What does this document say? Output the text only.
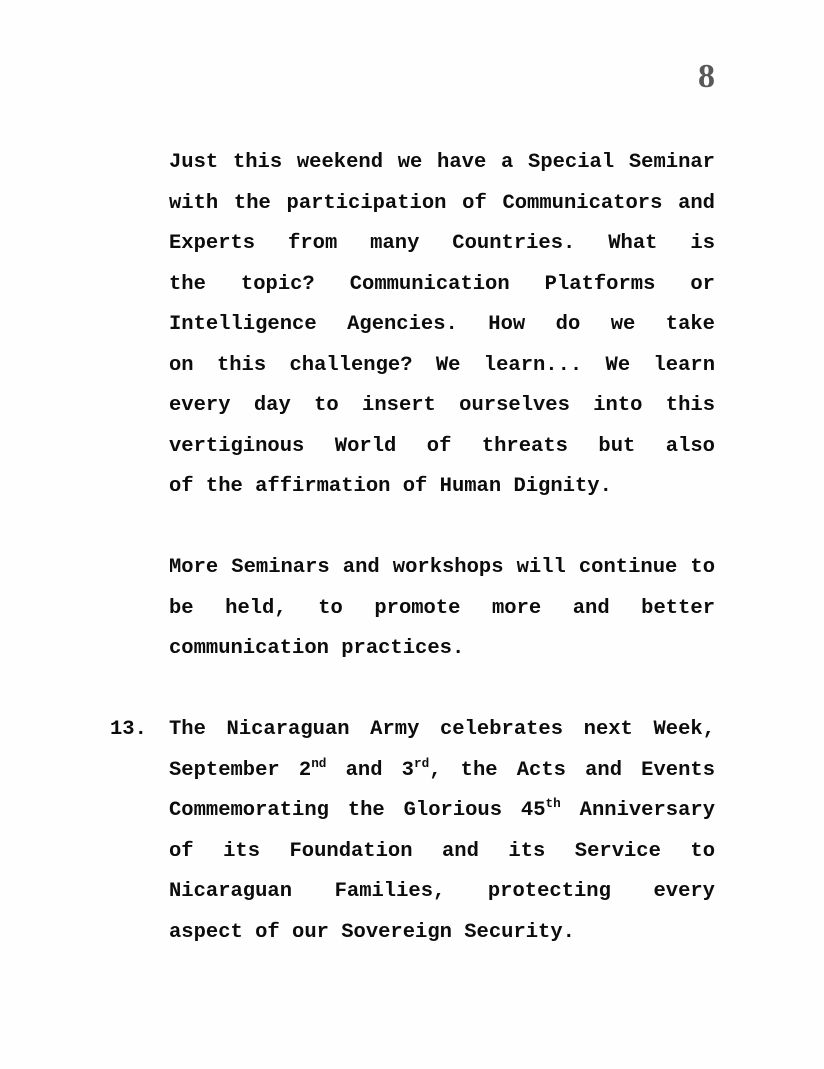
8
Just this weekend we have a Special Seminar
with the participation of Communicators and
Experts from many Countries. What is
the topic? Communication Platforms or
Intelligence Agencies. How do we take
on this challenge? We learn... We learn
every day to insert ourselves into this
vertiginous World of threats but also
of the affirmation of Human Dignity.
More Seminars and workshops will continue to
be held, to promote more and better
communication practices.
13. The Nicaraguan Army celebrates next Week,
September 2nd and 3rd, the Acts and Events
Commemorating the Glorious 45th Anniversary
of its Foundation and its Service to
Nicaraguan Families, protecting every
aspect of our Sovereign Security.
